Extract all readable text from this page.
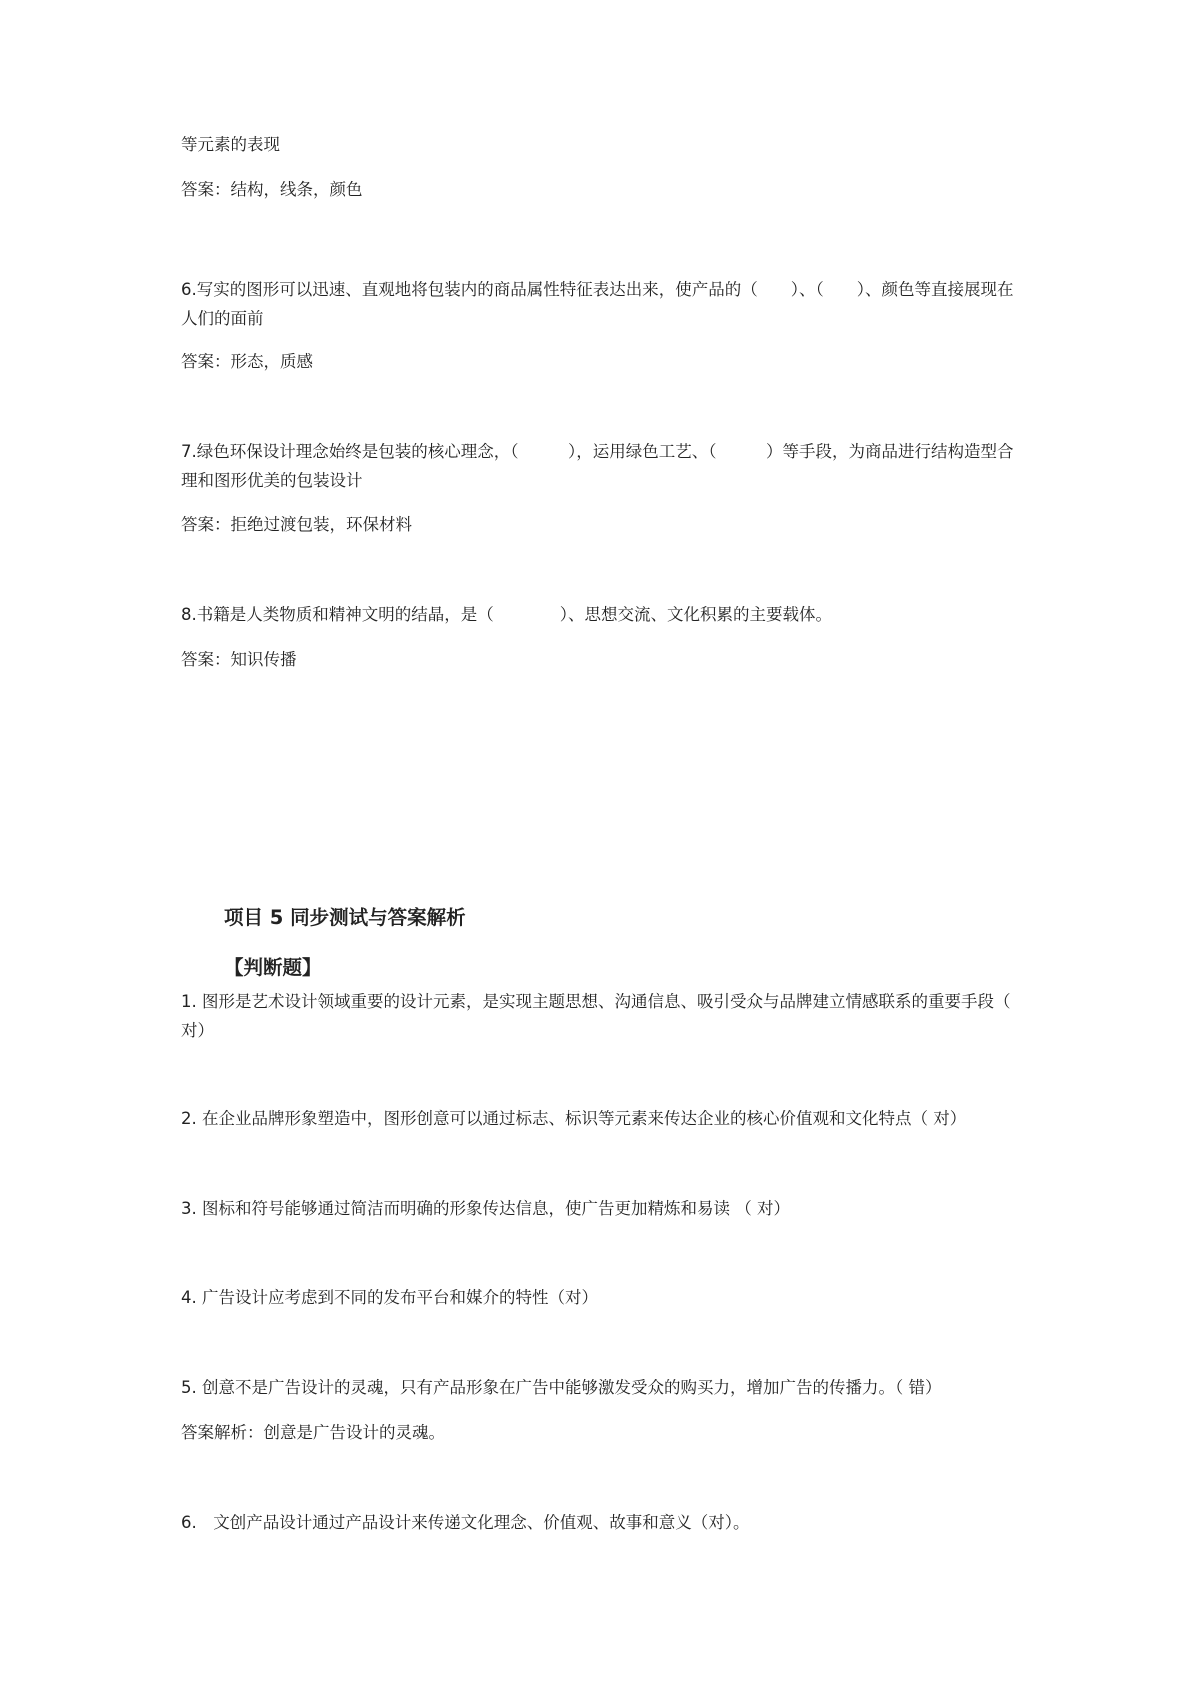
等元素的表现

答案：结构，线条，颜色

6.写实的图形可以迅速、直观地将包装内的商品属性特征表达出来，使产品的（　　）、（　　）、颜色等直接展现在人们的面前

答案：形态，质感

7.绿色环保设计理念始终是包装的核心理念，（　　　），运用绿色工艺、（　　　）等手段，为商品进行结构造型合理和图形优美的包装设计

答案：拒绝过渡包装，环保材料

8.书籍是人类物质和精神文明的结晶，是（　　　　）、思想交流、文化积累的主要载体。

答案：知识传播

项目 5 同步测试与答案解析
【判断题】

1. 图形是艺术设计领域重要的设计元素，是实现主题思想、沟通信息、吸引受众与品牌建立情感联系的重要手段（　对）

2. 在企业品牌形象塑造中，图形创意可以通过标志、标识等元素来传达企业的核心价值观和文化特点（ 对）

3. 图标和符号能够通过简洁而明确的形象传达信息，使广告更加精炼和易读 （ 对）

4. 广告设计应考虑到不同的发布平台和媒介的特性（对）

5. 创意不是广告设计的灵魂，只有产品形象在广告中能够激发受众的购买力，增加广告的传播力。（ 错）

答案解析：创意是广告设计的灵魂。

6.　文创产品设计通过产品设计来传递文化理念、价值观、故事和意义（对）。
